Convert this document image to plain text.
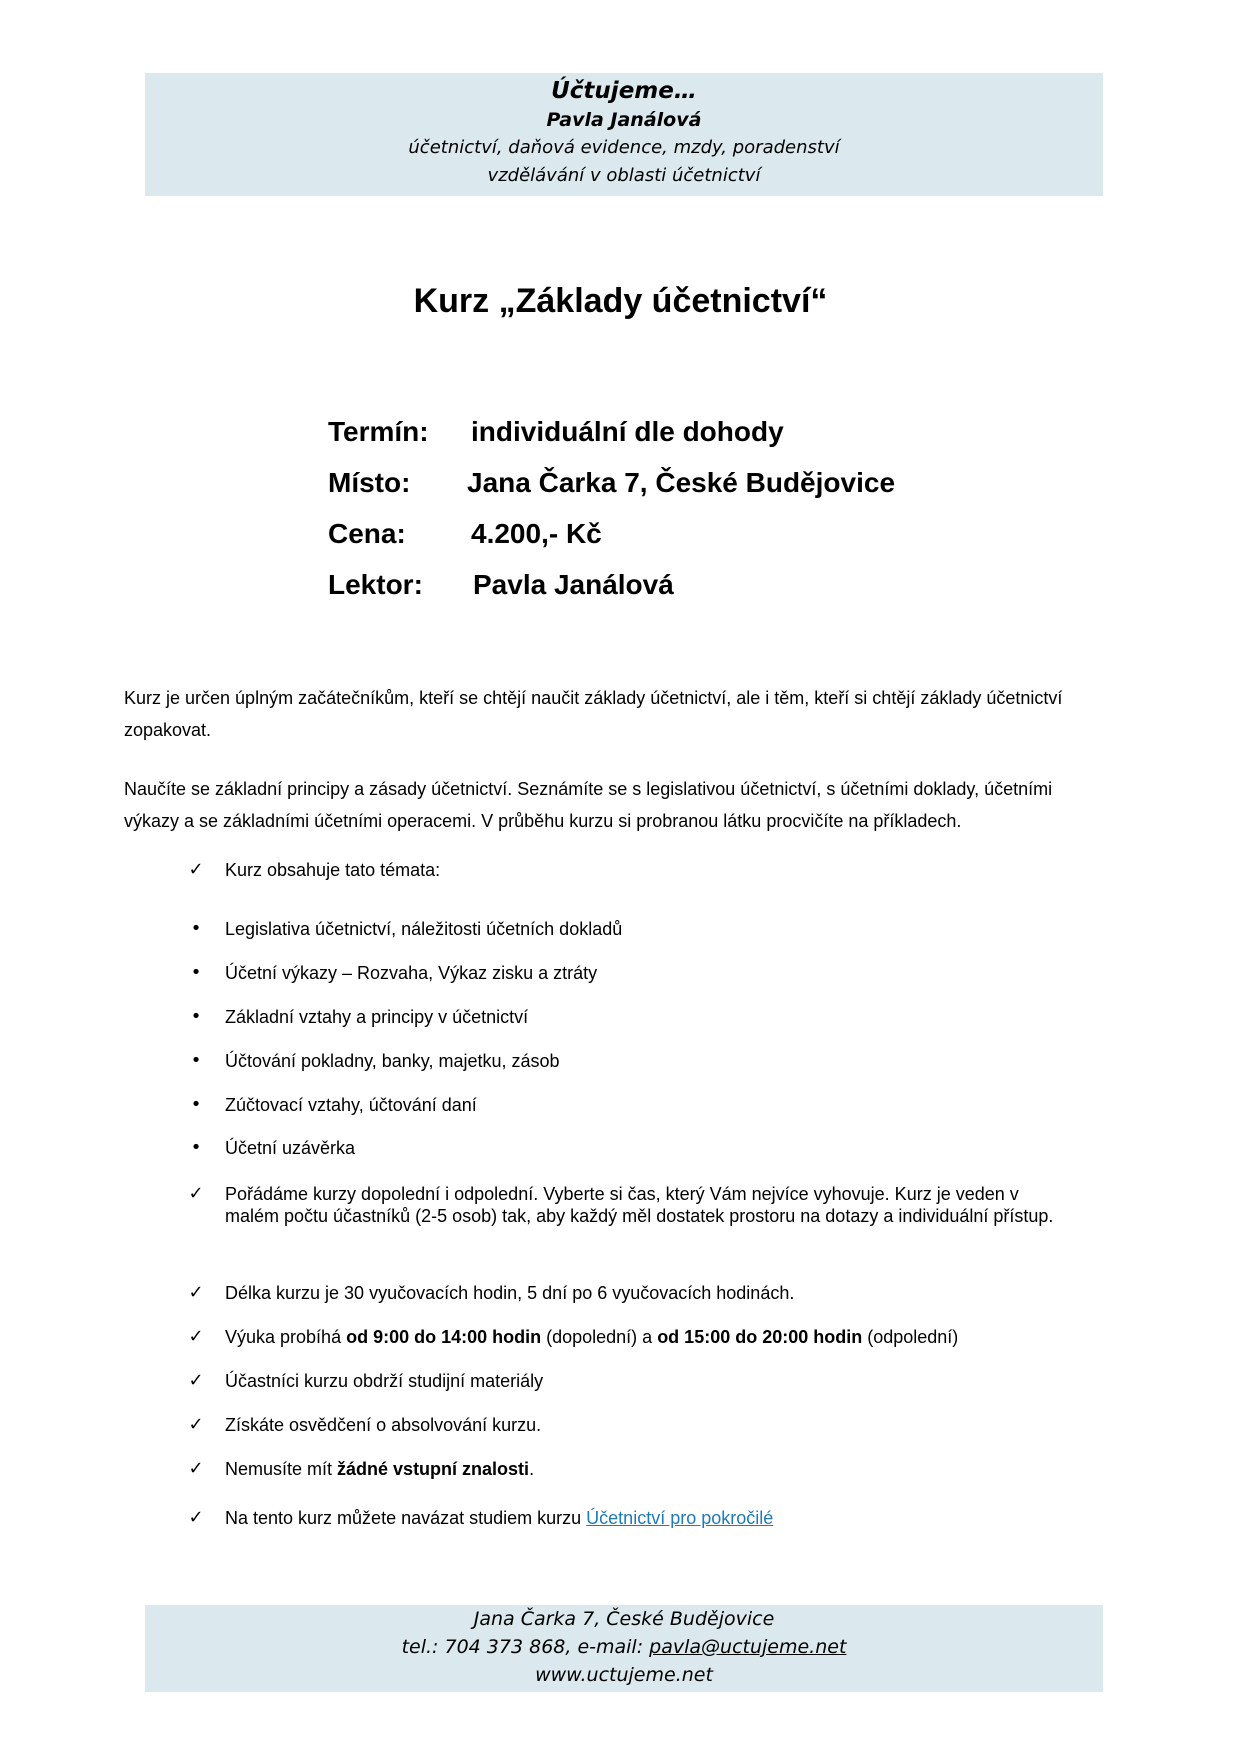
Účtujeme…
Pavla Janálová
účetnictví, daňová evidence, mzdy, poradenství
vzdělávání v oblasti účetnictví
Kurz „Základy účetnictví“
Termín: individuální dle dohody
Místo: Jana Čarka 7, České Budějovice
Cena: 4.200,- Kč
Lektor: Pavla Janálová

Kurz je určen úplným začátečníkům, kteří se chtějí naučit základy účetnictví, ale i těm, kteří si chtějí základy účetnictví zopakovat.

Naučíte se základní principy a zásady účetnictví. Seznámíte se s legislativou účetnictví, s účetními doklady, účetními výkazy a se základními účetními operacemi. V průběhu kurzu si probranou látku procvičíte na příkladech.

✓ Kurz obsahuje tato témata:
• Legislativa účetnictví, náležitosti účetních dokladů
• Účetní výkazy – Rozvaha, Výkaz zisku a ztráty
• Základní vztahy a principy v účetnictví
• Účtování pokladny, banky, majetku, zásob
• Zúčtovací vztahy, účtování daní
• Účetní uzávěrka
✓ Pořádáme kurzy dopolední i odpolední. Vyberte si čas, který Vám nejvíce vyhovuje. Kurz je veden v malém počtu účastníků (2-5 osob) tak, aby každý měl dostatek prostoru na dotazy a individuální přístup.
✓ Délka kurzu je 30 vyučovacích hodin, 5 dní po 6 vyučovacích hodinách.
✓ Výuka probíhá od 9:00 do 14:00 hodin (dopolední) a od 15:00 do 20:00 hodin (odpolední)
✓ Účastníci kurzu obdrží studijní materiály
✓ Získáte osvědčení o absolvování kurzu.
✓ Nemusíte mít žádné vstupní znalosti.
✓ Na tento kurz můžete navázat studiem kurzu Účetnictví pro pokročilé
Jana Čarka 7, České Budějovice
tel.: 704 373 868, e-mail: pavla@uctujeme.net
www.uctujeme.net
